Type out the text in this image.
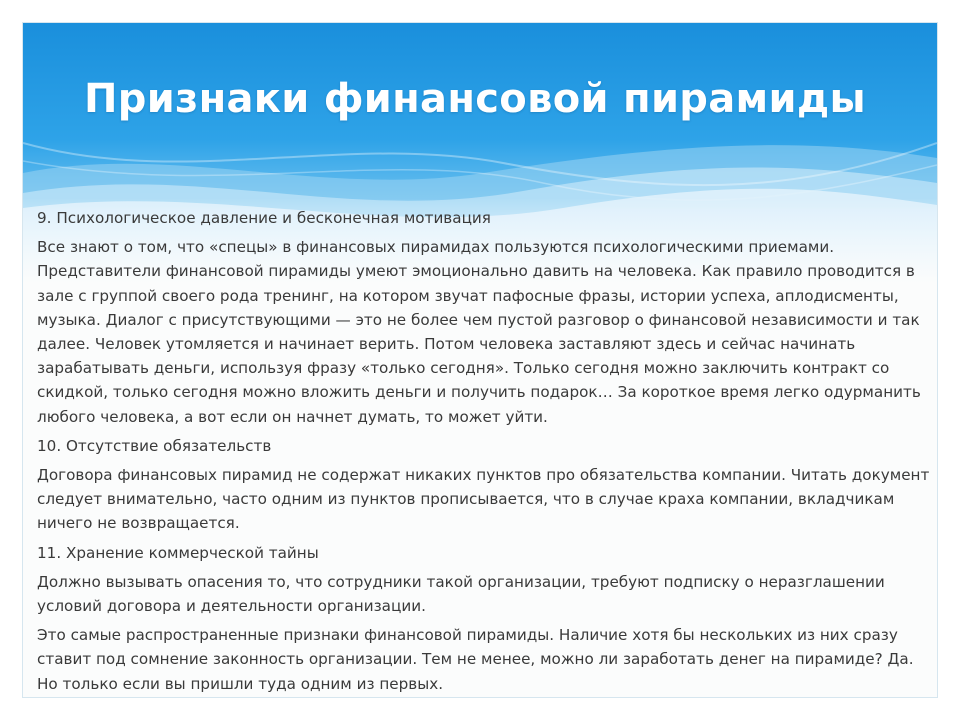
Признаки финансовой пирамиды

9. Психологическое давление и бесконечная мотивация

Все знают о том, что «спецы» в финансовых пирамидах пользуются психологическими приемами. Представители финансовой пирамиды умеют эмоционально давить на человека. Как правило проводится в зале с группой своего рода тренинг, на котором звучат пафосные фразы, истории успеха, аплодисменты, музыка. Диалог с присутствующими — это не более чем пустой разговор о финансовой независимости и так далее. Человек утомляется и начинает верить. Потом человека заставляют здесь и сейчас начинать зарабатывать деньги, используя фразу «только сегодня». Только сегодня можно заключить контракт со скидкой, только сегодня можно вложить деньги и получить подарок… За короткое время легко одурманить любого человека, а вот если он начнет думать, то может уйти.

10. Отсутствие обязательств

Договора финансовых пирамид не содержат никаких пунктов про обязательства компании. Читать документ следует внимательно, часто одним из пунктов прописывается, что в случае краха компании, вкладчикам ничего не возвращается.

11. Хранение коммерческой тайны

Должно вызывать опасения то, что сотрудники такой организации, требуют подписку о неразглашении условий договора и деятельности организации.

Это самые распространенные признаки финансовой пирамиды. Наличие хотя бы нескольких из них сразу ставит под сомнение законность организации. Тем не менее, можно ли заработать денег на пирамиде? Да. Но только если вы пришли туда одним из первых.
